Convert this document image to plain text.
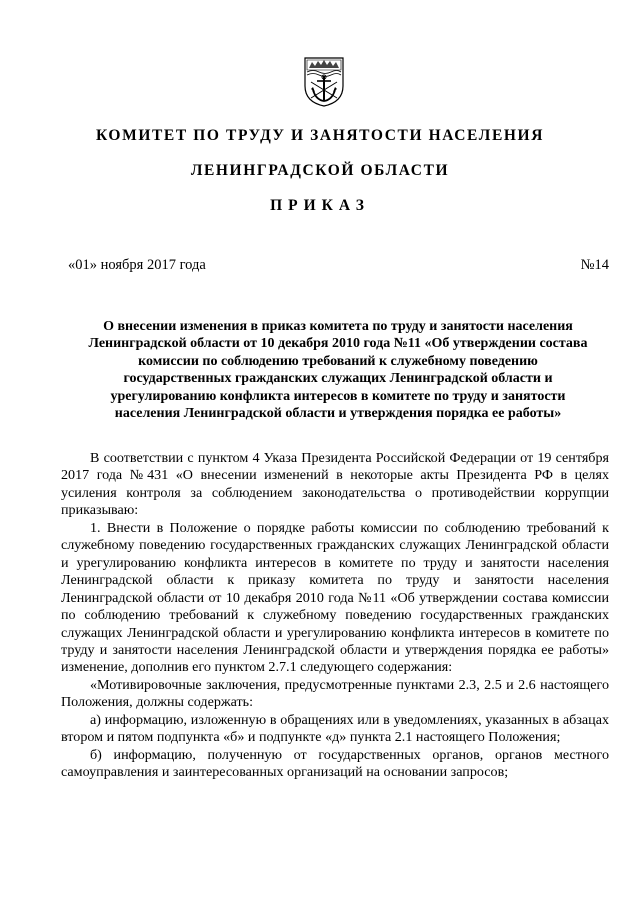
КОМИТЕТ ПО ТРУДУ И ЗАНЯТОСТИ НАСЕЛЕНИЯ
ЛЕНИНГРАДСКОЙ ОБЛАСТИ
ПРИКАЗ
«01» ноября 2017 года	№14
О внесении изменения в приказ комитета по труду и занятости населения
Ленинградской области от 10 декабря 2010 года №11 «Об утверждении состава
комиссии по соблюдению требований к служебному поведению
государственных гражданских служащих Ленинградской области и
урегулированию конфликта интересов в комитете по труду и занятости
населения Ленинградской области и утверждения порядка ее работы»

В соответствии с пунктом 4 Указа Президента Российской Федерации от 19 сентября 2017 года №431 «О внесении изменений в некоторые акты Президента РФ в целях усиления контроля за соблюдением законодательства о противодействии коррупции приказываю:

1. Внести в Положение о порядке работы комиссии по соблюдению требований к служебному поведению государственных гражданских служащих Ленинградской области и урегулированию конфликта интересов в комитете по труду и занятости населения Ленинградской области к приказу комитета по труду и занятости населения Ленинградской области от 10 декабря 2010 года №11 «Об утверждении состава комиссии по соблюдению требований к служебному поведению государственных гражданских служащих Ленинградской области и урегулированию конфликта интересов в комитете по труду и занятости населения Ленинградской области и утверждения порядка ее работы» изменение, дополнив его пунктом 2.7.1 следующего содержания:

«Мотивировочные заключения, предусмотренные пунктами 2.3, 2.5 и 2.6 настоящего Положения, должны содержать:

а) информацию, изложенную в обращениях или в уведомлениях, указанных в абзацах втором и пятом подпункта «б» и подпункте «д» пункта 2.1 настоящего Положения;

б) информацию, полученную от государственных органов, органов местного самоуправления и заинтересованных организаций на основании запросов;
